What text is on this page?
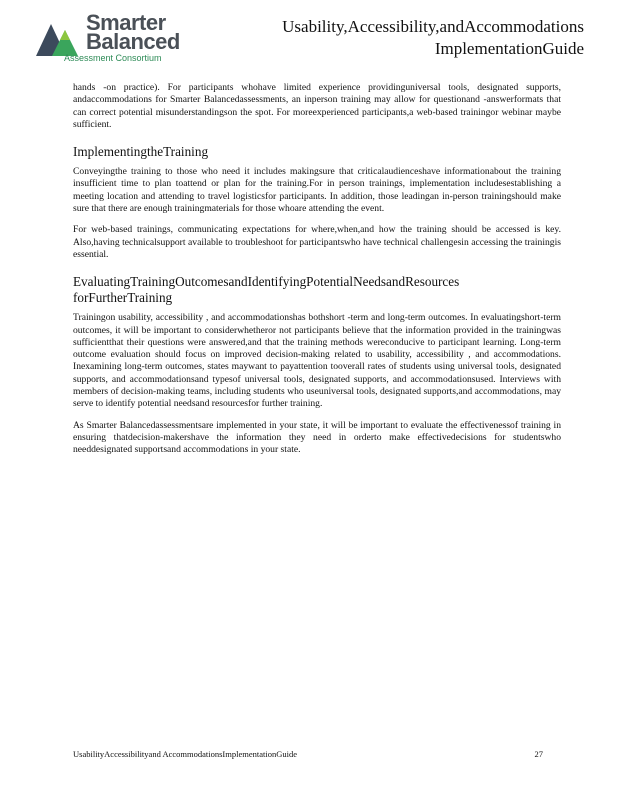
Smarter
Balanced
Assessment Consortium
Usability,Accessibility,andAccommodations
ImplementationGuide

hands -on practice). For participants whohave limited experience providinguniversal tools, designated supports, andaccommodations for Smarter Balancedassessments, an inperson training may allow for questionand -answerformats that can correct potential misunderstandingson the spot. For moreexperienced participants,a web-based trainingor webinar maybe sufficient.

ImplementingtheTraining

Conveyingthe training to those who need it includes makingsure that criticalaudienceshave informationabout the training insufficient time to plan toattend or plan for the training.For in person trainings, implementation includesestablishing a meeting location and attending to travel logisticsfor participants. In addition, those leadingan in-person trainingshould make sure that there are enough trainingmaterials for those whoare attending the event.

For web-based trainings, communicating expectations for where,when,and how the training should be accessed is key. Also,having technicalsupport available to troubleshoot for participantswho have technical challengesin accessing the trainingis essential.

EvaluatingTrainingOutcomesandIdentifyingPotentialNeedsandResources
forFurtherTraining

Trainingon usability, accessibility , and accommodationshas bothshort -term and long-term outcomes. In evaluatingshort-term outcomes, it will be important to considerwhetheror not participants believe that the information provided in the trainingwas sufficientthat their questions were answered,and that the training methods wereconducive to participant learning. Long-term outcome evaluation should focus on improved decision-making related to usability, accessibility , and accommodations. Inexamining long-term outcomes, states maywant to payattention tooverall rates of students using universal tools, designated supports, and accommodationsand typesof universal tools, designated supports, and accommodationsused. Interviews with members of decision-making teams, including students who useuniversal tools, designated supports,and accommodations, may serve to identify potential needsand resourcesfor further training.

As Smarter Balancedassessmentsare implemented in your state, it will be important to evaluate the effectivenessof training in ensuring thatdecision-makershave the information they need in orderto make effectivedecisions for studentswho needdesignated supportsand accommodations in your state.

UsabilityAccessibilityand AccommodationsImplementationGuide	27
